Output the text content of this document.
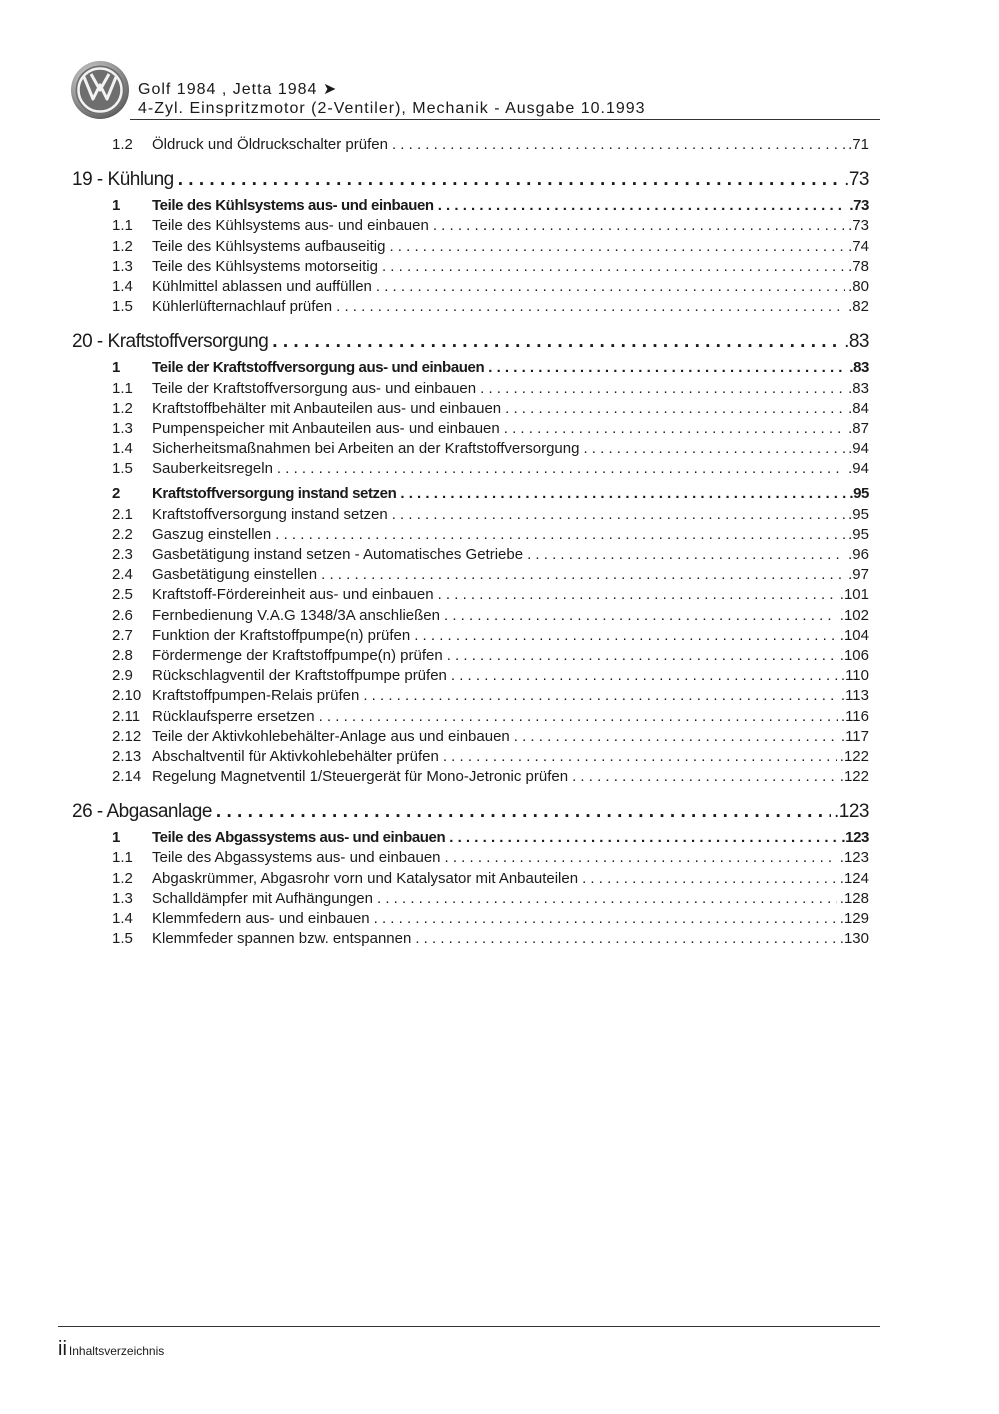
Golf 1984 , Jetta 1984 ➤
4-Zyl. Einspritzmotor (2-Ventiler), Mechanik - Ausgabe 10.1993
1.2	Öldruck und Öldruckschalter prüfen . . .	.71
19 - Kühlung . . .	.73
1	Teile des Kühlsystems aus- und einbauen . . .	.73
1.1	Teile des Kühlsystems aus- und einbauen . . .	.73
1.2	Teile des Kühlsystems aufbauseitig . . .	.74
1.3	Teile des Kühlsystems motorseitig . . .	.78
1.4	Kühlmittel ablassen und auffüllen . . .	.80
1.5	Kühlerlüfternachlauf prüfen . . .	.82
20 - Kraftstoffversorgung . . .	.83
1	Teile der Kraftstoffversorgung aus- und einbauen . . .	.83
1.1	Teile der Kraftstoffversorgung aus- und einbauen . . .	.83
1.2	Kraftstoffbehälter mit Anbauteilen aus- und einbauen . . .	.84
1.3	Pumpenspeicher mit Anbauteilen aus- und einbauen . . .	.87
1.4	Sicherheitsmaßnahmen bei Arbeiten an der Kraftstoffversorgung . . .	.94
1.5	Sauberkeitsregeln . . .	.94
2	Kraftstoffversorgung instand setzen . . .	.95
2.1	Kraftstoffversorgung instand setzen . . .	.95
2.2	Gaszug einstellen . . .	.95
2.3	Gasbetätigung instand setzen - Automatisches Getriebe . . .	.96
2.4	Gasbetätigung einstellen . . .	.97
2.5	Kraftstoff-Fördereinheit aus- und einbauen . . .	.101
2.6	Fernbedienung V.A.G 1348/3A anschließen . . .	.102
2.7	Funktion der Kraftstoffpumpe(n) prüfen . . .	.104
2.8	Fördermenge der Kraftstoffpumpe(n) prüfen . . .	.106
2.9	Rückschlagventil der Kraftstoffpumpe prüfen . . .	.110
2.10 Kraftstoffpumpen-Relais prüfen . . .	.113
2.11 Rücklaufsperre ersetzen . . .	.116
2.12 Teile der Aktivkohlebehälter-Anlage aus und einbauen . . .	.117
2.13 Abschaltventil für Aktivkohlebehälter prüfen . . .	.122
2.14 Regelung Magnetventil 1/Steuergerät für Mono-Jetronic prüfen . . .	.122
26 - Abgasanlage . . .	.123
1	Teile des Abgassystems aus- und einbauen . . .	.123
1.1	Teile des Abgassystems aus- und einbauen . . .	.123
1.2	Abgaskrümmer, Abgasrohr vorn und Katalysator mit Anbauteilen . . .	.124
1.3	Schalldämpfer mit Aufhängungen . . .	.128
1.4	Klemmfedern aus- und einbauen . . .	.129
1.5	Klemmfeder spannen bzw. entspannen . . .	.130
ii Inhaltsverzeichnis
